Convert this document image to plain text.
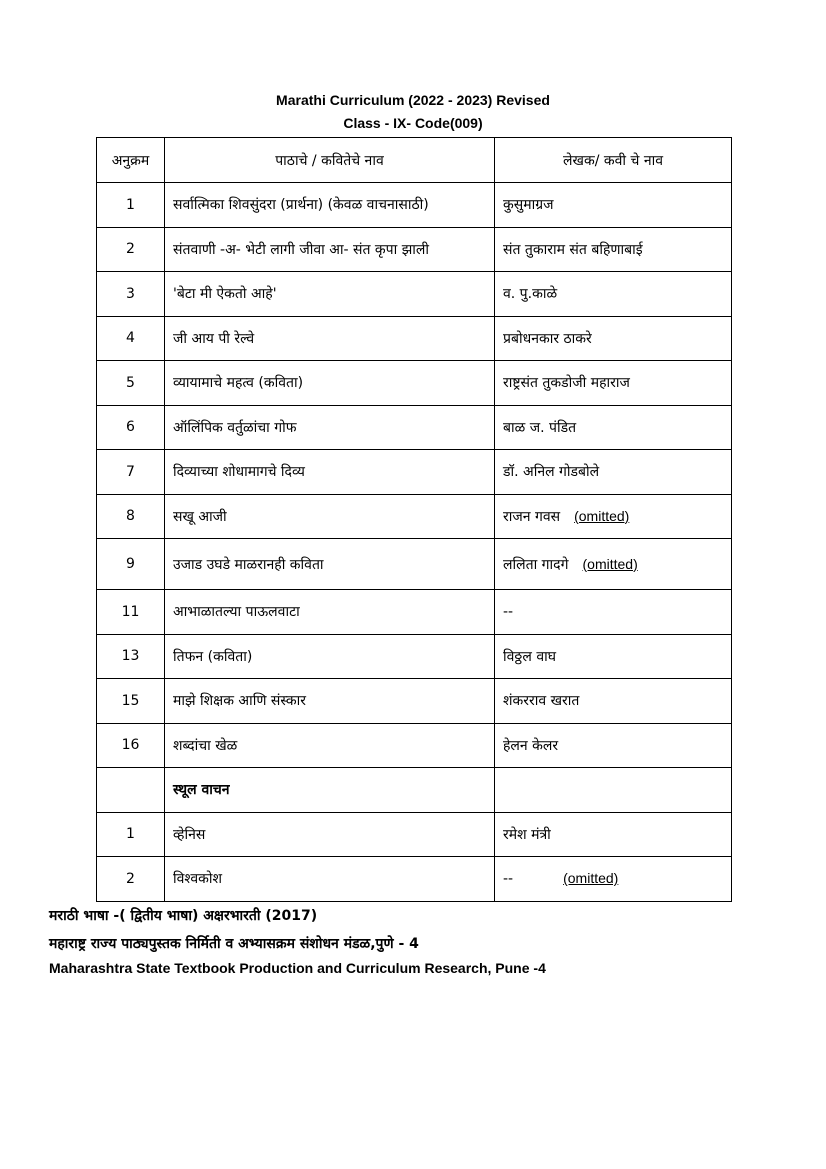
Marathi Curriculum (2022 - 2023) Revised
Class - IX- Code(009)
अनुक्रम	पाठाचे / कवितेचे नाव	लेखक/ कवी चे नाव
1	सर्वात्मिका शिवसुंदरा (प्रार्थना) (केवळ वाचनासाठी)	कुसुमाग्रज
2	संतवाणी -अ- भेटी लागी जीवा आ- संत कृपा झाली	संत तुकाराम संत बहिणाबाई
3	'बेटा मी ऐकतो आहे'	व. पु.काळे
4	जी आय पी रेल्वे	प्रबोधनकार ठाकरे
5	व्यायामाचे महत्व (कविता)	राष्ट्रसंत तुकडोजी महाराज
6	ऑलिंपिक वर्तुळांचा गोफ	बाळ ज. पंडित
7	दिव्याच्या शोधामागचे दिव्य	डॉ. अनिल गोडबोले
8	सखू आजी	राजन गवस (omitted)
9	उजाड उघडे माळरानही कविता	ललिता गादगे (omitted)
11	आभाळातल्या पाऊलवाटा	--
13	तिफन (कविता)	विठ्ठल वाघ
15	माझे शिक्षक आणि संस्कार	शंकरराव खरात
16	शब्दांचा खेळ	हेलन केलर
	स्थूल वाचन	
1	व्हेनिस	रमेश मंत्री
2	विश्वकोश	-- (omitted)
मराठी भाषा -( द्वितीय भाषा) अक्षरभारती (2017)
महाराष्ट्र राज्य पाठ्यपुस्तक निर्मिती व अभ्यासक्रम संशोधन मंडळ,पुणे - 4
Maharashtra State Textbook Production and Curriculum Research, Pune -4
